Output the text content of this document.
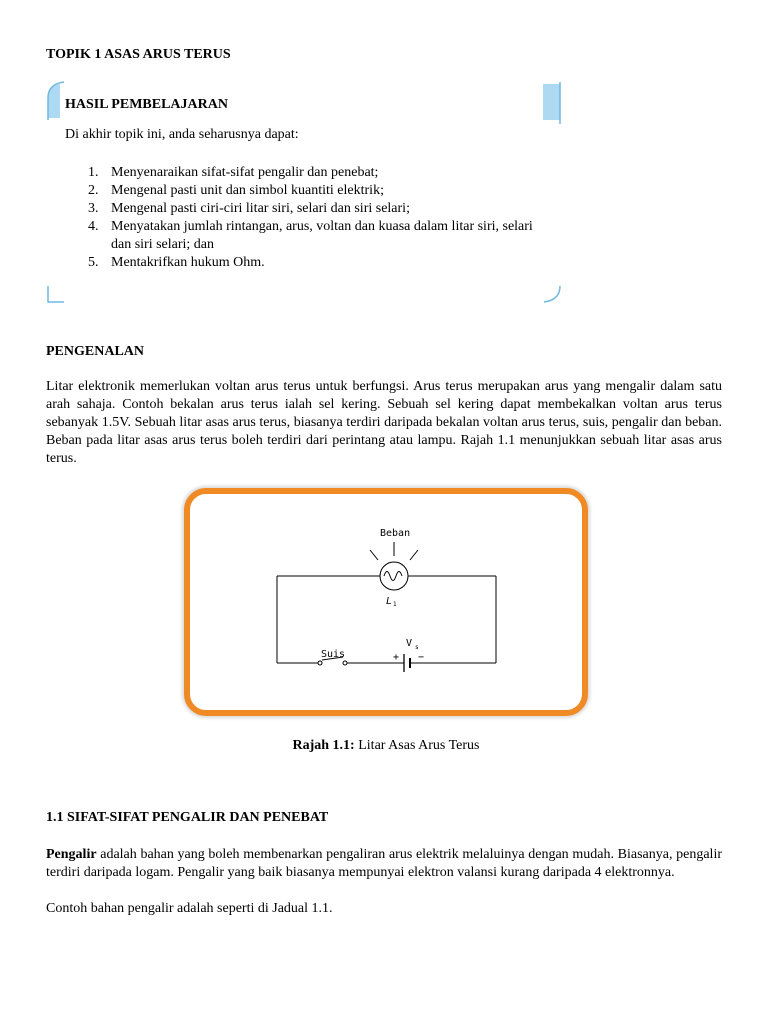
TOPIK 1 ASAS ARUS TERUS
HASIL PEMBELAJARAN
Di akhir topik ini, anda seharusnya dapat:
1. Menyenaraikan sifat-sifat pengalir dan penebat;
2. Mengenal pasti unit dan simbol kuantiti elektrik;
3. Mengenal pasti ciri-ciri litar siri, selari dan siri selari;
4. Menyatakan jumlah rintangan, arus, voltan dan kuasa dalam litar siri, selari dan siri selari; dan
5. Mentakrifkan hukum Ohm.
PENGENALAN
Litar elektronik memerlukan voltan arus terus untuk berfungsi. Arus terus merupakan arus yang mengalir dalam satu arah sahaja. Contoh bekalan arus terus ialah sel kering. Sebuah sel kering dapat membekalkan voltan arus terus sebanyak 1.5V. Sebuah litar asas arus terus, biasanya terdiri daripada bekalan voltan arus terus, suis, pengalir dan beban. Beban pada litar asas arus terus boleh terdiri dari perintang atau lampu. Rajah 1.1 menunjukkan sebuah litar asas arus terus.
Beban
L 1
Suis
V s
+ −
Rajah 1.1: Litar Asas Arus Terus
1.1 SIFAT-SIFAT PENGALIR DAN PENEBAT
Pengalir adalah bahan yang boleh membenarkan pengaliran arus elektrik melaluinya dengan mudah. Biasanya, pengalir terdiri daripada logam. Pengalir yang baik biasanya mempunyai elektron valansi kurang daripada 4 elektronnya.
Contoh bahan pengalir adalah seperti di Jadual 1.1.
